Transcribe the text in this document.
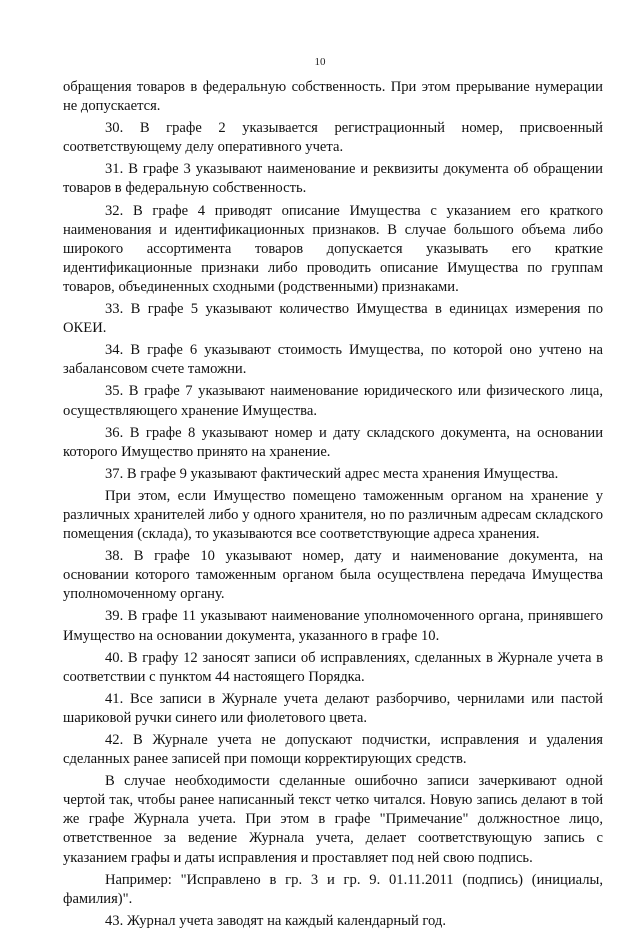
10

обращения товаров в федеральную собственность. При этом прерывание нумерации не допускается.

30. В графе 2 указывается регистрационный номер, присвоенный соответствующему делу оперативного учета.

31. В графе 3 указывают наименование и реквизиты документа об обращении товаров в федеральную собственность.

32. В графе 4 приводят описание Имущества с указанием его краткого наименования и идентификационных признаков. В случае большого объема либо широкого ассортимента товаров допускается указывать его краткие идентификационные признаки либо проводить описание Имущества по группам товаров, объединенных сходными (родственными) признаками.

33. В графе 5 указывают количество Имущества в единицах измерения по ОКЕИ.

34. В графе 6 указывают стоимость Имущества, по которой оно учтено на забалансовом счете таможни.

35. В графе 7 указывают наименование юридического или физического лица, осуществляющего хранение Имущества.

36. В графе 8 указывают номер и дату складского документа, на основании которого Имущество принято на хранение.

37. В графе 9 указывают фактический адрес места хранения Имущества.

При этом, если Имущество помещено таможенным органом на хранение у различных хранителей либо у одного хранителя, но по различным адресам складского помещения (склада), то указываются все соответствующие адреса хранения.

38. В графе 10 указывают номер, дату и наименование документа, на основании которого таможенным органом была осуществлена передача Имущества уполномоченному органу.

39. В графе 11 указывают наименование уполномоченного органа, принявшего Имущество на основании документа, указанного в графе 10.

40. В графу 12 заносят записи об исправлениях, сделанных в Журнале учета в соответствии с пунктом 44 настоящего Порядка.

41. Все записи в Журнале учета делают разборчиво, чернилами или пастой шариковой ручки синего или фиолетового цвета.

42. В Журнале учета не допускают подчистки, исправления и удаления сделанных ранее записей при помощи корректирующих средств.

В случае необходимости сделанные ошибочно записи зачеркивают одной чертой так, чтобы ранее написанный текст четко читался. Новую запись делают в той же графе Журнала учета. При этом в графе "Примечание" должностное лицо, ответственное за ведение Журнала учета, делает соответствующую запись с указанием графы и даты исправления и проставляет под ней свою подпись.

Например: "Исправлено в гр. 3 и гр. 9. 01.11.2011 (подпись) (инициалы, фамилия)".

43. Журнал учета заводят на каждый календарный год.
